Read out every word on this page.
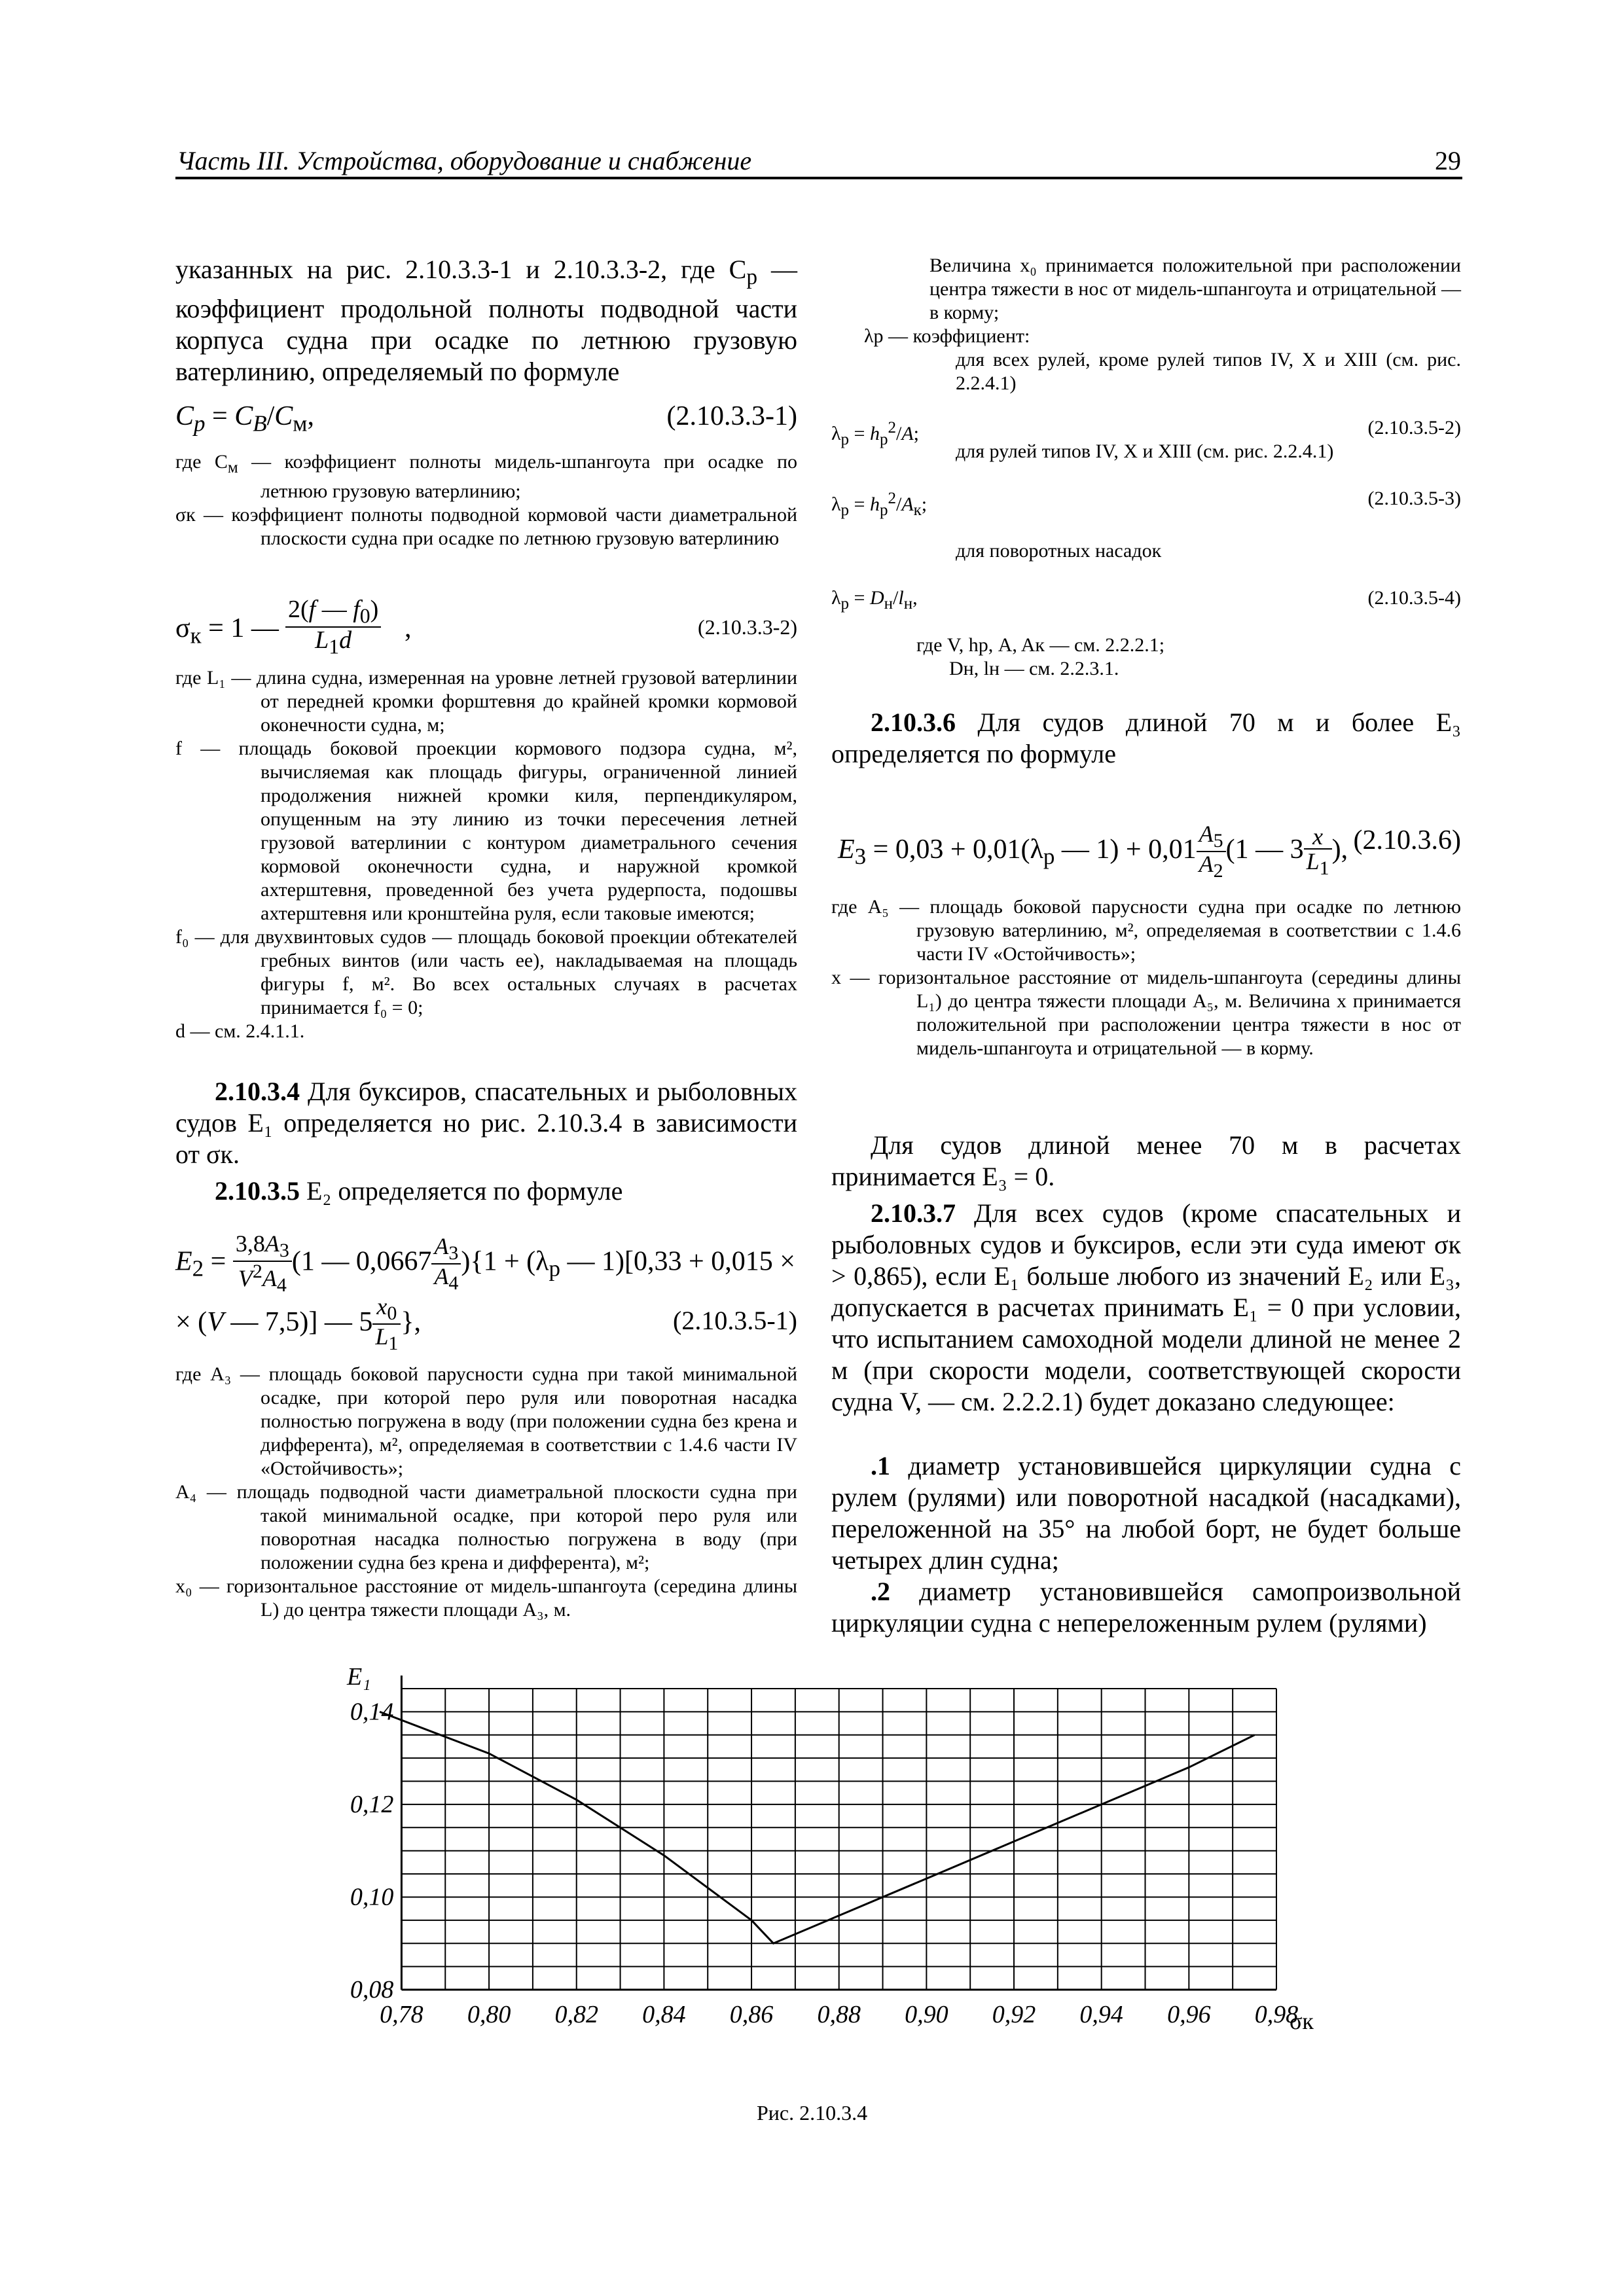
Часть III. Устройства, оборудование и снабжение	29
указанных на рис. 2.10.3.3-1 и 2.10.3.3-2, где $C_p$ — коэффициент продольной полноты подводной части корпуса судна при осадке по летнюю грузовую ватерлинию, определяемый по формуле
$C_p = C_B/C_м$,	(2.10.3.3-1)
где $C_м$ — коэффициент полноты мидель-шпангоута при осадке по летнюю грузовую ватерлинию;
σк — коэффициент полноты подводной кормовой части диаметральной плоскости судна при осадке по летнюю грузовую ватерлинию
$\sigma_к = 1$ — $\frac{2(f — f_0)}{L_1d}$ ,	(2.10.3.3-2)
где L₁ — длина судна, измеренная на уровне летней грузовой ватерлинии от передней кромки форштевня до крайней кромки кормовой оконечности судна, м;
f — площадь боковой проекции кормового подзора судна, м², вычисляемая как площадь фигуры, ограниченной линией продолжения нижней кромки киля, перпендикуляром, опущенным на эту линию из точки пересечения летней грузовой ватерлинии с контуром диаметрального сечения кормовой оконечности судна, и наружной кромкой ахтерштевня, проведенной без учета рудерпоста, подошвы ахтерштевня или кронштейна руля, если таковые имеются;
f₀ — для двухвинтовых судов — площадь боковой проекции обтекателей гребных винтов (или часть ее), накладываемая на площадь фигуры f, м². Во всех остальных случаях в расчетах принимается f₀ = 0;
d — см. 2.4.1.1.
2.10.3.4 Для буксиров, спасательных и рыболовных судов E₁ определяется но рис. 2.10.3.4 в зависимости от σк.
2.10.3.5 E₂ определяется по формуле
$E_2 = \frac{3,8A_3}{V^2A_4} (1$ — $0,0667 \frac{A_3}{A_4} )\{1 + (\lambda_р$ — 1)[0,33 + 0,015 ×
× (V — 7,5)] — $5 \frac{x_0}{L_1}$ },	(2.10.3.5-1)
где A₃ — площадь боковой парусности судна при такой минимальной осадке, при которой перо руля или поворотная насадка полностью погружена в воду (при положении судна без крена и дифферента), м², определяемая в соответствии с 1.4.6 части IV «Остойчивость»;
A₄ — площадь подводной части диаметральной плоскости судна при такой минимальной осадке, при которой перо руля или поворотная насадка полностью погружена в воду (при положении судна без крена и дифферента), м²;
x₀ — горизонтальное расстояние от мидель-шпангоута (середина длины L) до центра тяжести площади A₃, м.
Величина x₀ принимается положительной при расположении центра тяжести в нос от мидель-шпангоута и отрицательной — в корму;
λр — коэффициент:
для всех рулей, кроме рулей типов IV, X и XIII (см. рис. 2.2.4.1)
$\lambda_р = h_р^2/A$;	(2.10.3.5-2)
для рулей типов IV, X и XIII (см. рис. 2.2.4.1)
$\lambda_р = h_р^2/A_к$;	(2.10.3.5-3)
для поворотных насадок
$\lambda_р = D_н/l_н$,	(2.10.3.5-4)
где V, hр, A, Aк — см. 2.2.2.1;
Dн, lн — см. 2.2.3.1.
2.10.3.6 Для судов длиной 70 м и более E₃ определяется по формуле
$E_3 = 0,03 + 0,01(\lambda_р$ — $1) + 0,01 \frac{A_5}{A_2} (1$ — $3 \frac{x}{L_1}$ ), (2.10.3.6)
где A₅ — площадь боковой парусности судна при осадке по летнюю грузовую ватерлинию, м², определяемая в соответствии с 1.4.6 части IV «Остойчивость»;
x — горизонтальное расстояние от мидель-шпангоута (середины длины L₁) до центра тяжести площади A₅, м. Величина x принимается положительной при расположении центра тяжести в нос от мидель-шпангоута и отрицательной — в корму.
Для судов длиной менее 70 м в расчетах принимается E₃ = 0.
2.10.3.7 Для всех судов (кроме спасательных и рыболовных судов и буксиров, если эти суда имеют σк > 0,865), если E₁ больше любого из значений E₂ или E₃, допускается в расчетах принимать E₁ = 0 при условии, что испытанием самоходной модели длиной не менее 2 м (при скорости модели, соответствующей скорости судна V, — см. 2.2.2.1) будет доказано следующее:
.1 диаметр установившейся циркуляции судна с рулем (рулями) или поворотной насадкой (насадками), переложенной на 35° на любой борт, не будет больше четырех длин судна;
.2 диаметр установившейся самопроизвольной циркуляции судна с непереложенным рулем (рулями)
0,78 0,80 0,82 0,84 0,86 0,88 0,90 0,92 0,94 0,96 0,98
0,08
0,10
0,12
0,14
E₁
σк
Рис. 2.10.3.4
